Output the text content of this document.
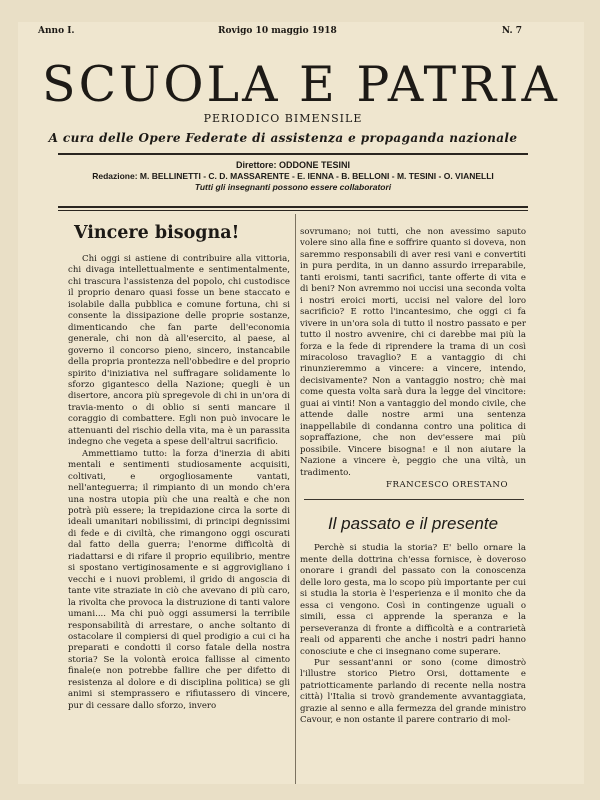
Anno I.	Rovigo 10 maggio 1918	N. 7
SCUOLA E PATRIA
PERIODICO BIMENSILE
A cura delle Opere Federate di assistenza e propaganda nazionale
Direttore: ODDONE TESINI
Redazione: M. BELLINETTI - C. D. MASSARENTE - E. IENNA - B. BELLONI - M. TESINI - O. VIANELLI
Tutti gli insegnanti possono essere collaboratori
Vincere bisogna!

Chi oggi si astiene di contribuire alla vittoria, chi divaga intellettualmente e sentimentalmente, chi trascura l'assistenza del popolo, chi custodisce il proprio denaro quasi fosse un bene staccato e isolabile dalla pubblica e comune fortuna, chi si consente la dissipazione delle proprie sostanze, dimenticando che fan parte dell'economia generale, chi non dà all'esercito, al paese, al governo il concorso pieno, sincero, instancabile della propria prontezza nell'obbedire e del proprio spirito d'iniziativa nel suffragare solidamente lo sforzo gigantesco della Nazione; quegli è un disertore, ancora più spregevole di chi in un'ora di travia-mento o di oblio si senti mancare il coraggio di combattere. Egli non può invocare le attenuanti del rischio della vita, ma è un parassita indegno che vegeta a spese dell'altrui sacrificio.

Ammettiamo tutto: la forza d'inerzia di abiti mentali e sentimenti studiosamente acquisiti, coltivati, e orgogliosamente vantati, nell'anteguerra; il rimpianto di un mondo ch'era una nostra utopia più che una realtà e che non potrà più essere; la trepidazione circa la sorte di ideali umanitari nobilissimi, di principi degnissimi di fede e di civiltà, che rimangono oggi oscurati dal fatto della guerra; l'enorme difficoltà di riadattarsi e di rifare il proprio equilibrio, mentre si spostano vertiginosamente e si aggrovigliano i vecchi e i nuovi problemi, il grido di angoscia di tante vite straziate in ciò che avevano di più caro, la rivolta che provoca la distruzione di tanti valore umani.... Ma chi può oggi assumersi la terribile responsabilità di arrestare, o anche soltanto di ostacolare il compiersi di quel prodigio a cui ci ha preparati e condotti il corso fatale della nostra storia? Se la volontà eroica fallisse al cimento finale(e non potrebbe fallire che per difetto di resistenza al dolore e di disciplina politica) se gli animi si stemprassero e rifiutassero di vincere, pur di cessare dallo sforzo, invero

sovrumano; noi tutti, che non avessimo saputo volere sino alla fine e soffrire quanto si doveva, non saremmo responsabili di aver resi vani e convertiti in pura perdita, in un danno assurdo irreparabile, tanti eroismi, tanti sacrifici, tante offerte di vita e di beni? Non avremmo noi uccisi una seconda volta i nostri eroici morti, uccisi nel valore del loro sacrificio? E rotto l'incantesimo, che oggi ci fa vivere in un'ora sola di tutto il nostro passato e per tutto il nostro avvenire, chi ci darebbe mai più la forza e la fede di riprendere la trama di un così miracoloso travaglio? E a vantaggio di chi rinunzieremmo a vincere: a vincere, intendo, decisivamente? Non a vantaggio nostro; chè mai come questa volta sarà dura la legge del vincitore: guai ai vinti! Non a vantaggio del mondo civile, che attende dalle nostre armi una sentenza inappellabile di condanna contro una politica di sopraffazione, che non dev'essere mai più possibile. Vincere bisogna! e il non aiutare la Nazione a vincere è, peggio che una viltà, un tradimento.

FRANCESCO ORESTANO
Il passato e il presente

Perchè si studia la storia? E' bello ornare la mente della dottrina ch'essa fornisce, è doveroso onorare i grandi del passato con la conoscenza delle loro gesta, ma lo scopo più importante per cui si studia la storia è l'esperienza e il monito che da essa ci vengono. Così in contingenze uguali o simili, essa ci apprende la speranza e la perseveranza di fronte a difficoltà e a contrarietà reali od apparenti che anche i nostri padri hanno conosciute e che ci insegnano come superare.

Pur sessant'anni or sono (come dimostrò l'illustre storico Pietro Orsi, dottamente e patriotticamente parlando di recente nella nostra città) l'Italia si trovò grandemente avvantaggiata, grazie al senno e alla fermezza del grande ministro Cavour, e non ostante il parere contrario di mol-
